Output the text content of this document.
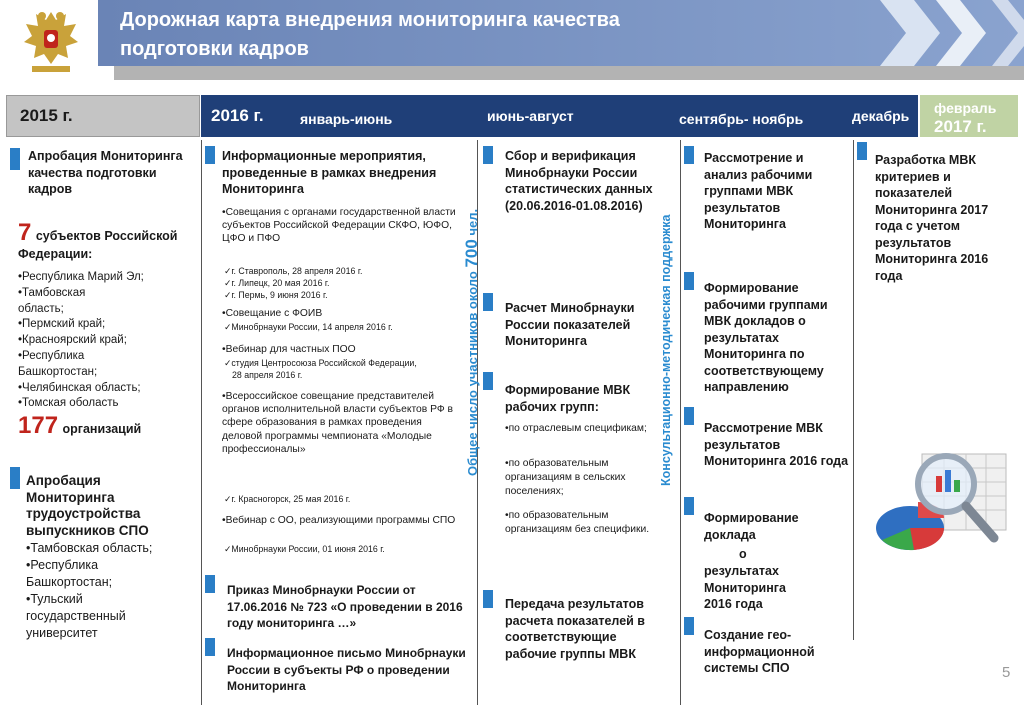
Дорожная карта внедрения мониторинга качества
подготовки кадров
2015 г.	2016 г.	январь-июнь	июнь-август	сентябрь- ноябрь	декабрь февраль
2017 г.
Апробация Мониторинга качества подготовки кадров
7 субъектов Российской Федерации:
•Республика Марий Эл;
•Тамбовская
область;
•Пермский край;
•Красноярский край;
•Республика
Башкортостан;
•Челябинская область;
•Томская оболасть
177 организаций
Апробация Мониторинга трудоустройства выпускников СПО
•Тамбовская область;
•Республика
Башкортостан;
•Тульский
государственный
университет
Информационные мероприятия, проведенные в рамках внедрения Мониторинга
•Совещания с органами государственной власти субъектов Российской Федерации СКФО, ЮФО, ЦФО и ПФО
✓г. Ставрополь, 28 апреля 2016 г.
✓г. Липецк, 20 мая 2016 г.
✓г. Пермь, 9 июня 2016 г.
•Совещание с ФОИВ
✓Минобрнауки России, 14 апреля 2016 г.
•Вебинар для частных ПОО
✓студия Центросоюза Российской Федерации,
28 апреля 2016 г.
•Всероссийское совещание представителей органов исполнительной власти субъектов РФ в сфере образования в рамках проведения деловой программы чемпионата «Молодые профессионалы»
✓г. Красногорск, 25 мая 2016 г.
•Вебинар с ОО, реализующими программы СПО
✓Минобрнауки России, 01 июня 2016 г.
Приказ Минобрнауки России от 17.06.2016 № 723 «О проведении в 2016 году мониторинга …»
Информационное письмо Минобрнауки России в субъекты РФ о проведении Мониторинга
Общее число участников около 700 чел.	Консультационно-методическая поддержка
Сбор и верификация Минобрнауки России статистических данных (20.06.2016-01.08.2016)
Расчет Минобрнауки России показателей Мониторинга
Формирование МВК рабочих групп:
•по отраслевым спецификам;
•по образовательным организациям в сельских поселениях;
•по образовательным организациям без специфики.
Передача результатов расчета показателей в соответствующие рабочие группы МВК
Рассмотрение и анализ рабочими группами МВК результатов Мониторинга
Формирование рабочими группами МВК докладов о результатах Мониторинга по соответствующему направлению
Рассмотрение МВК результатов Мониторинга 2016 года
Формирование доклада
о
результатах Мониторинга 2016 года
Создание гео-информационной системы СПО
Разработка МВК критериев и показателей Мониторинга 2017 года с учетом результатов Мониторинга 2016 года
5
